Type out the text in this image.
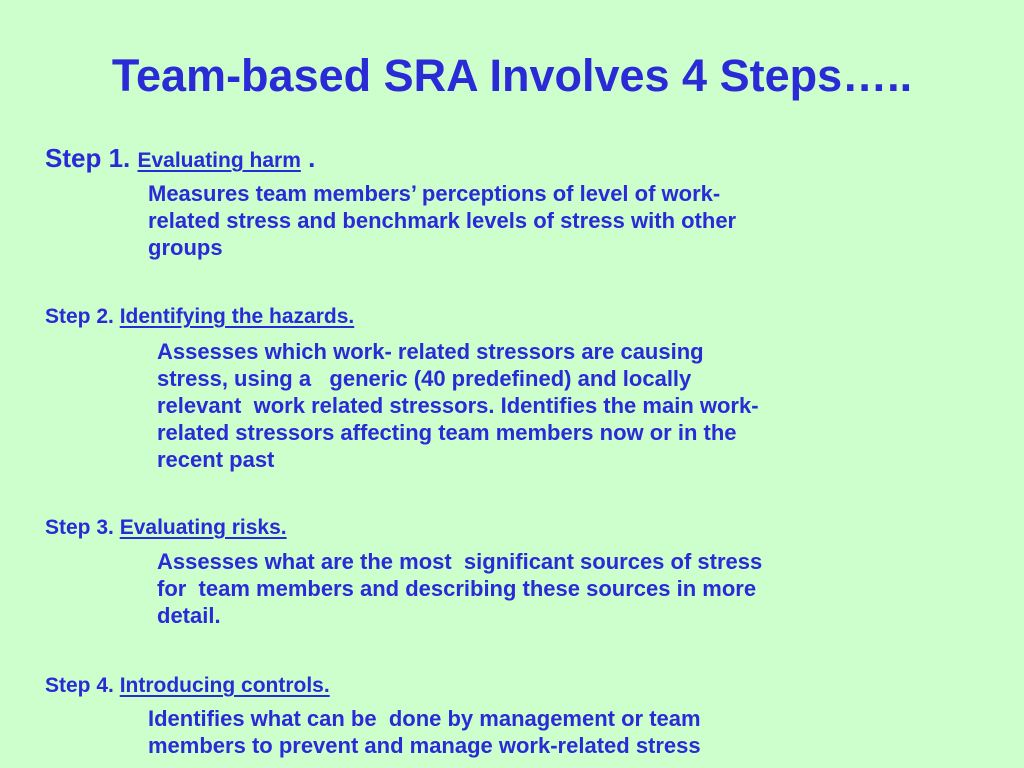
Team-based SRA Involves 4 Steps…..
Step 1. Evaluating harm .
Measures team members’ perceptions of level of work-
related stress and benchmark levels of stress with other
groups
Step 2. Identifying the hazards.
Assesses which work- related stressors are causing
stress, using a   generic (40 predefined) and locally
relevant  work related stressors. Identifies the main work-
related stressors affecting team members now or in the
recent past
Step 3. Evaluating risks.
Assesses what are the most  significant sources of stress
for  team members and describing these sources in more
detail.
Step 4. Introducing controls.
Identifies what can be  done by management or team
members to prevent and manage work-related stress
